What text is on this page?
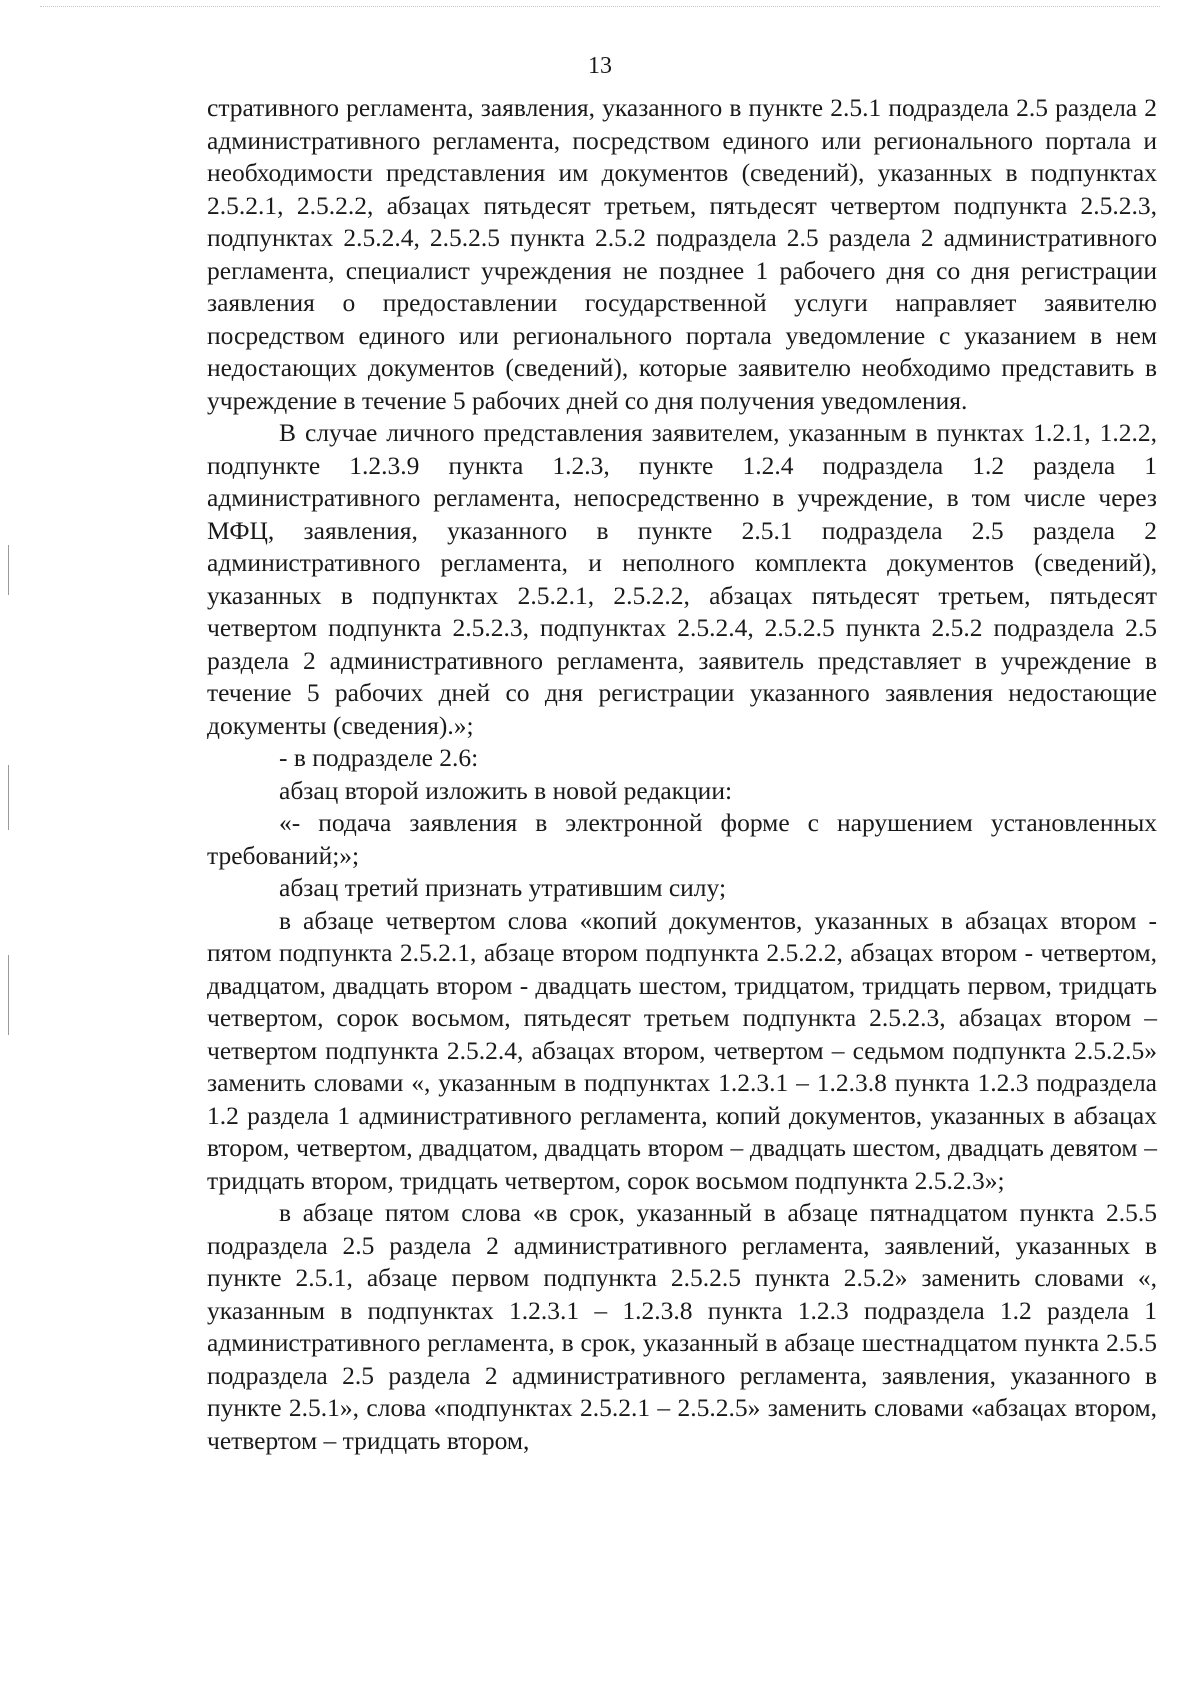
13

стративного регламента, заявления, указанного в пункте 2.5.1 подраздела 2.5 раздела 2 административного регламента, посредством единого или регионального портала и необходимости представления им документов (сведений), указанных в подпунктах 2.5.2.1, 2.5.2.2, абзацах пятьдесят третьем, пятьдесят четвертом подпункта 2.5.2.3, подпунктах 2.5.2.4, 2.5.2.5 пункта 2.5.2 подраздела 2.5 раздела 2 административного регламента, специалист учреждения не позднее 1 рабочего дня со дня регистрации заявления о предоставлении государственной услуги направляет заявителю посредством единого или регионального портала уведомление с указанием в нем недостающих документов (сведений), которые заявителю необходимо представить в учреждение в течение 5 рабочих дней со дня получения уведомления.

В случае личного представления заявителем, указанным в пунктах 1.2.1, 1.2.2, подпункте 1.2.3.9 пункта 1.2.3, пункте 1.2.4 подраздела 1.2 раздела 1 административного регламента, непосредственно в учреждение, в том числе через МФЦ, заявления, указанного в пункте 2.5.1 подраздела 2.5 раздела 2 административного регламента, и неполного комплекта документов (сведений), указанных в подпунктах 2.5.2.1, 2.5.2.2, абзацах пятьдесят третьем, пятьдесят четвертом подпункта 2.5.2.3, подпунктах 2.5.2.4, 2.5.2.5 пункта 2.5.2 подраздела 2.5 раздела 2 административного регламента, заявитель представляет в учреждение в течение 5 рабочих дней со дня регистрации указанного заявления недостающие документы (сведения).»;

- в подразделе 2.6:

абзац второй изложить в новой редакции:

«- подача заявления в электронной форме с нарушением установленных требований;»;

абзац третий признать утратившим силу;

в абзаце четвертом слова «копий документов, указанных в абзацах втором - пятом подпункта 2.5.2.1, абзаце втором подпункта 2.5.2.2, абзацах втором - четвертом, двадцатом, двадцать втором - двадцать шестом, тридцатом, тридцать первом, тридцать четвертом, сорок восьмом, пятьдесят третьем подпункта 2.5.2.3, абзацах втором – четвертом подпункта 2.5.2.4, абзацах втором, четвертом – седьмом подпункта 2.5.2.5» заменить словами «, указанным в подпунктах 1.2.3.1 – 1.2.3.8 пункта 1.2.3 подраздела 1.2 раздела 1 административного регламента, копий документов, указанных в абзацах втором, четвертом, двадцатом, двадцать втором – двадцать шестом, двадцать девятом – тридцать втором, тридцать четвертом, сорок восьмом подпункта 2.5.2.3»;

в абзаце пятом слова «в срок, указанный в абзаце пятнадцатом пункта 2.5.5 подраздела 2.5 раздела 2 административного регламента, заявлений, указанных в пункте 2.5.1, абзаце первом подпункта 2.5.2.5 пункта 2.5.2» заменить словами «, указанным в подпунктах 1.2.3.1 – 1.2.3.8 пункта 1.2.3 подраздела 1.2 раздела 1 административного регламента, в срок, указанный в абзаце шестнадцатом пункта 2.5.5 подраздела 2.5 раздела 2 административного регламента, заявления, указанного в пункте 2.5.1», слова «подпунктах 2.5.2.1 – 2.5.2.5» заменить словами «абзацах втором, четвертом – тридцать втором,
